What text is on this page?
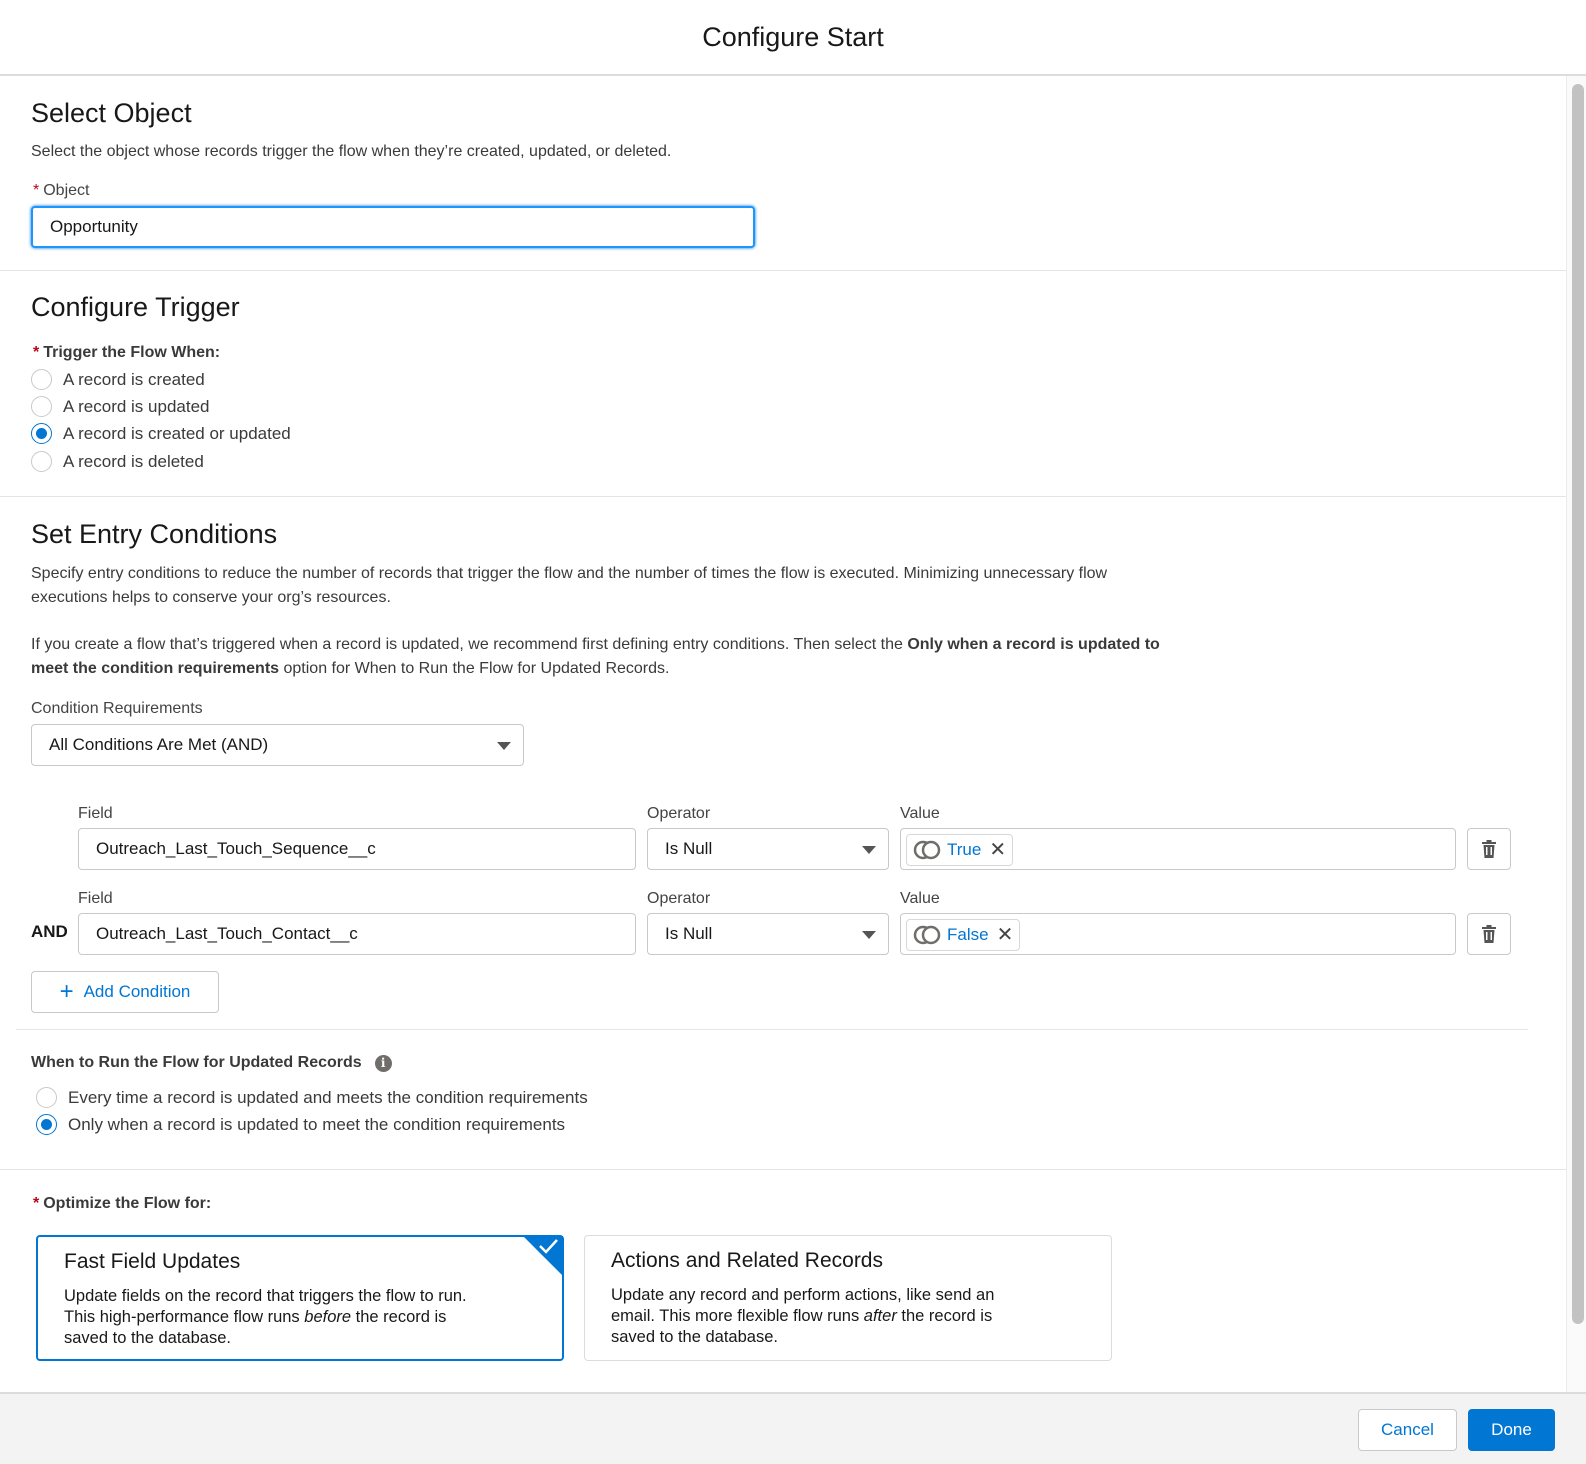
Configure Start
Select Object
Select the object whose records trigger the flow when they’re created, updated, or deleted.
* Object
Opportunity
Configure Trigger
* Trigger the Flow When:
A record is created
A record is updated
A record is created or updated
A record is deleted
Set Entry Conditions
Specify entry conditions to reduce the number of records that trigger the flow and the number of times the flow is executed. Minimizing unnecessary flow executions helps to conserve your org’s resources.
If you create a flow that’s triggered when a record is updated, we recommend first defining entry conditions. Then select the Only when a record is updated to meet the condition requirements option for When to Run the Flow for Updated Records.
Condition Requirements
All Conditions Are Met (AND)
Field	Operator	Value
Outreach_Last_Touch_Sequence__c	Is Null	True ✕
Field	Operator	Value
AND Outreach_Last_Touch_Contact__c	Is Null	False ✕
+ Add Condition
When to Run the Flow for Updated Records	i
Every time a record is updated and meets the condition requirements
Only when a record is updated to meet the condition requirements
* Optimize the Flow for:
Fast Field Updates
Update fields on the record that triggers the flow to run.
This high-performance flow runs before the record is
saved to the database.
Actions and Related Records
Update any record and perform actions, like send an
email. This more flexible flow runs after the record is
saved to the database.
Cancel	Done
